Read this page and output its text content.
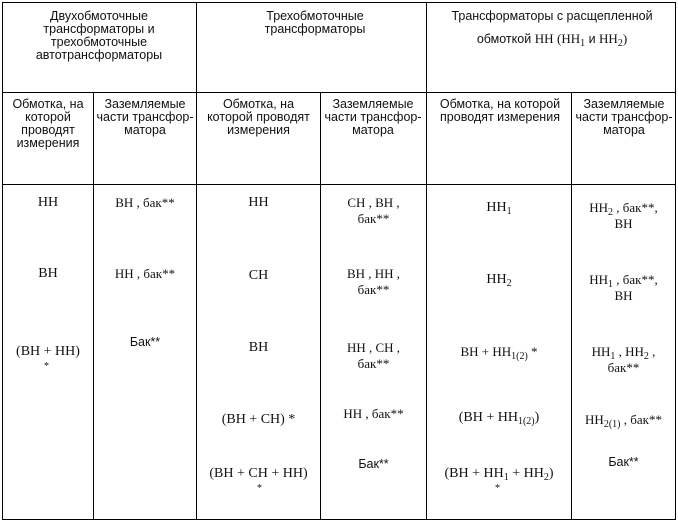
Двухобмоточные трансформаторы и трехобмоточные автотрансформаторы
Трехобмоточные трансформаторы
Трансформаторы с расщепленной
обмоткой НН ($НН_1$ и $НН_2$)
Обмотка, на которой проводят измерения
Заземляемые части трансфор-матора
Обмотка, на которой проводят измерения
Заземляемые части трансфор-матора
Обмотка, на которой проводят измерения
Заземляемые части трансфор-матора
НН
ВН
(ВН + НН)
*
ВН , бак**
НН , бак**
Бак**
НН
СН
ВН
(ВН + СН) *
(ВН + СН + НН)
*
СН , ВН ,
бак**
ВН , НН ,
бак**
НН , СН ,
бак**
НН , бак**
Бак**
$НН_1$
$НН_2$
ВН + $НН_{1(2)}$ *
$(ВН + НН_{1(2)})$
$(ВН + НН_1 + НН_2)$
*
$НН_2$ , бак**,
ВН
$НН_1$ , бак**,
ВН
$НН_1$ , $НН_2$ ,
бак**
$НН_{2(1)}$ , бак**
Бак**
